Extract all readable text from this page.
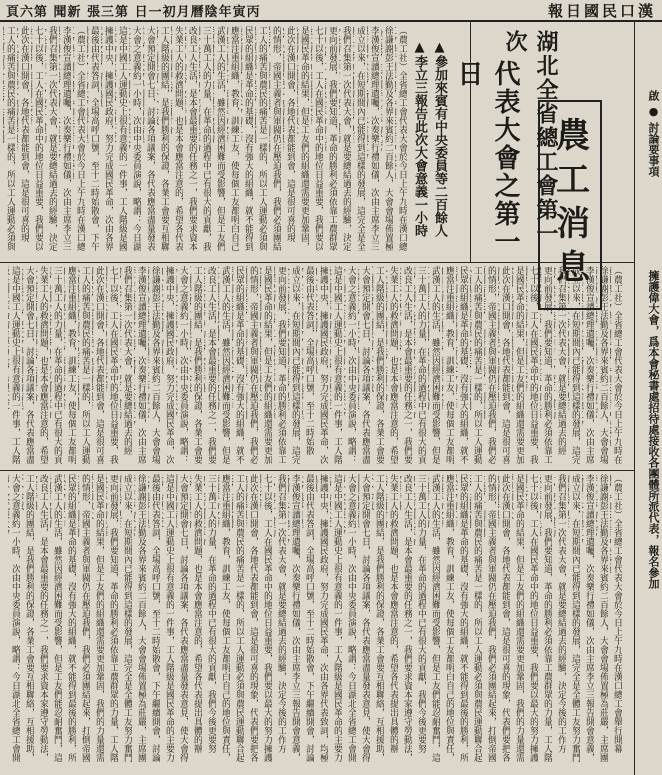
頁六第 聞新 張三第 日一初月曆陰年寅丙	報日國民口漢
啟 ● 討論要事項
擁護偉大會，爲本會秘書處招待處接收各團體所派代表，報名參加
農工消息
湖北全省總工會第一次
代表大會之第一日
▲參加來賓有中央委員等二百餘人
▲李立三報告此次大會意義一小時
（農工社）全省總工會代表大會於今日上午九時在漢口總
徐謙謝彭王法勤及各界來賓約二百餘人，大會會場佈置極
李漢俊宣讀總理遺囑，次奏樂行禮如儀，次由主席李立三
成立以來，在短期間內已能得到這樣的發展，這完全是全
我們召集第一次代表大會，就是要總結過去的經驗，決定
更向前發展，我們要知道，革命的勝利必須依靠工農群眾
七十以後，工人在國民革命中的地位日益重要，我們要以
是國民革命的結果，但是工友們的組織還需要更加鞏固，
此次在漢口開會，各地代表都能到會，這是很可喜的現
的情形，帝國主義者與軍閥仍在壓迫我們，我們必須團結
工人的痛苦與農民的痛苦是一樣的，所以工人運動必須與
民眾的組織是革命的基礎，沒有強大的組織，就不能得到
應當注重組織，教育，訓練工友，使每個工友都明白自己
武漢工人的生活，雖然因經濟困難而受影響，但是工友們
三十萬工人的力量，在革命的過程中已有很大的貢獻，我
改良工人生活，是本會最重要的任務之一，我們要求資本
失業工人的救濟問題，也是本會應當注意的，希望各代表
工人階級的團結，是我們勝利的保證，各業工會要互相聯
大會預定開會七日，討論各項議案，各代表應當盡量發表
大會之意義約一小時，次由中央委員演說，略謂：今日湖
這是中國工人運動史上很有意義的一件事，工人階級是國
擁護中央，擁護國民政府，努力完成國民革命，次由各界
最後由代表答詞，全場高呼口號，至十二時始散會，下午
（農工社）全省總工會代表大會於今日上午九時在
徐謙謝彭王法勤及各界來賓約二百餘人，大會會場
李漢俊宣讀總理遺囑，次奏樂行禮如儀，次由主席
成立以來，在短期間內已能得到這樣的發展，這完
我們召集第一次代表大會，就是要總結過去的經
更向前發展，我們要知道，革命的勝利必須依靠工
七十以後，工人在國民革命中的地位日益重要，我
是國民革命的結果，但是工友們的組織還需要更加
此次在漢口開會，各地代表都能到會，這是很可喜
的情形，帝國主義者與軍閥仍在壓迫我們，我們必
工人的痛苦與農民的痛苦是一樣的，所以工人運動
民眾的組織是革命的基礎，沒有強大的組織，就不
應當注重組織，教育，訓練工友，使每個工友都明
武漢工人的生活，雖然因經濟困難而受影響，但是
三十萬工人的力量，在革命的過程中已有很大的貢
改良工人生活，是本會最重要的任務之一，我們要
失業工人的救濟問題，也是本會應當注意的，希望
工人階級的團結，是我們勝利的保證，各業工會要
大會預定開會七日，討論各項議案，各代表應當盡
大會之意義約一小時，次由中央委員演說，略謂：
這是中國工人運動史上很有意義的一件事，工人階
擁護中央，擁護國民政府，努力完成國民革命，次
最後由代表答詞，全場高呼口號，至十二時始散
成立以來，在短期間內已能得到這樣的發展，這完
更向前發展，我們要知道，革命的勝利必須依靠工
是國民革命的結果，但是工友們的組織還需要更加
的情形，帝國主義者與軍閥仍在壓迫我們，我們必
民眾的組織是革命的基礎，沒有強大的組織，就不
武漢工人的生活，雖然因經濟困難而受影響，但是
改良工人生活，是本會最重要的任務之一，我們要
工人階級的團結，是我們勝利的保證，各業工會要
大會之意義約一小時，次由中央委員演說，略謂：
擁護中央，擁護國民政府，努力完成國民革命，次
徐謙謝彭王法勤及各界來賓約二百餘人，大會會場
李漢俊宣讀總理遺囑，次奏樂行禮如儀，次由主席
我們召集第一次代表大會，就是要總結過去的經
七十以後，工人在國民革命中的地位日益重要，我
此次在漢口開會，各地代表都能到會，這是很可喜
工人的痛苦與農民的痛苦是一樣的，所以工人運動
應當注重組織，教育，訓練工友，使每個工友都明
三十萬工人的力量，在革命的過程中已有很大的貢
失業工人的救濟問題，也是本會應當注意的，希望
大會預定開會七日，討論各項議案，各代表應當盡
這是中國工人運動史上很有意義的一件事，工人階
（農工社）全省總工會代表大會於今日上午九時在漢口總工會舉行開幕
徐謙謝彭王法勤及各界來賓約二百餘人，大會會場佈置極為莊嚴，主席團
李漢俊宣讀總理遺囑，次奏樂行禮如儀，次由主席李立三報告開會意義，
成立以來，在短期間內已能得到這樣的發展，這完全是全體工友努力奮鬥
我們召集第一次代表大會，就是要總結過去的經驗，決定今後的工作方
更向前發展，我們要知道，革命的勝利必須依靠工農群眾的力量，工人階
七十以後，工人在國民革命中的地位日益重要，我們要以最大的努力擁護
是國民革命的結果，但是工友們的組織還需要更加鞏固，我們的力量還需
此次在漢口開會，各地代表都能到會，這是很可喜的現象，代表們要把各
的情形，帝國主義者與軍閥仍在壓迫我們，我們必須團結起來，打倒帝國
工人的痛苦與農民的痛苦是一樣的，所以工人運動必須與農民運動聯合起
民眾的組織是革命的基礎，沒有強大的組織，就不能得到最後的勝利，所
應當注重組織，教育，訓練工友，使每個工友都明白自己的地位與責任，
武漢工人的生活，雖然因經濟困難而受影響，但是工友們能忍耐奮鬥，這
三十萬工人的力量，在革命的過程中已有很大的貢獻，我們今後更要努
改良工人生活，是本會最重要的任務之一，我們要求資本家遵守勞動法，
失業工人的救濟問題，也是本會應當注意的，希望各代表提出具體的辦
工人階級的團結，是我們勝利的保證，各業工會要互相聯絡，互相援助，
大會預定開會七日，討論各項議案，各代表應當盡量發表意見，使大會得
大會之意義約一小時，次由中央委員演說，略謂：今日湖北全省總工會開
這是中國工人運動史上很有意義的一件事，工人階級是國民革命的主要力
擁護中央，擁護國民政府，努力完成國民革命，次由各界代表致詞，均極
最後由代表答詞，全場高呼口號，至十二時始散會，下午繼續開會，討論
李漢俊宣讀總理遺囑，次奏樂行禮如儀，次由主席李立三報告開會意義，
我們召集第一次代表大會，就是要總結過去的經驗，決定今後的工作方
七十以後，工人在國民革命中的地位日益重要，我們要以最大的努力擁護
此次在漢口開會，各地代表都能到會，這是很可喜的現象，代表們要把各
工人的痛苦與農民的痛苦是一樣的，所以工人運動必須與農民運動聯合起
應當注重組織，教育，訓練工友，使每個工友都明白自己的地位與責任，
三十萬工人的力量，在革命的過程中已有很大的貢獻，我們今後更要努
失業工人的救濟問題，也是本會應當注意的，希望各代表提出具體的辦
大會預定開會七日，討論各項議案，各代表應當盡量發表意見，使大會得
這是中國工人運動史上很有意義的一件事，工人階級是國民革命的主要力
最後由代表答詞，全場高呼口號，至十二時始散會，下午繼續開會，討論
徐謙謝彭王法勤及各界來賓約二百餘人，大會會場佈置極為莊嚴，主席團
成立以來，在短期間內已能得到這樣的發展，這完全是全體工友努力奮鬥
更向前發展，我們要知道，革命的勝利必須依靠工農群眾的力量，工人階
是國民革命的結果，但是工友們的組織還需要更加鞏固，我們的力量還需
的情形，帝國主義者與軍閥仍在壓迫我們，我們必須團結起來，打倒帝國
民眾的組織是革命的基礎，沒有強大的組織，就不能得到最後的勝利，所
武漢工人的生活，雖然因經濟困難而受影響，但是工友們能忍耐奮鬥，這
改良工人生活，是本會最重要的任務之一，我們要求資本家遵守勞動法，
工人階級的團結，是我們勝利的保證，各業工會要互相聯絡，互相援助，
大會之意義約一小時，次由中央委員演說，略謂：今日湖北全省總工會開
（農工社）全省總工會代表大會於今日上午九時在漢口總
李漢俊宣讀總理遺囑，次奏樂行禮如儀，次由主席李立三
我們召集第一次代表大會，就是要總結過去的經驗，決定
七十以後，工人在國民革命中的地位日益重要，我們要以
此次在漢口開會，各地代表都能到會，這是很可喜的現
工人的痛苦與農民的痛苦是一樣的，所以工人運動必須與
